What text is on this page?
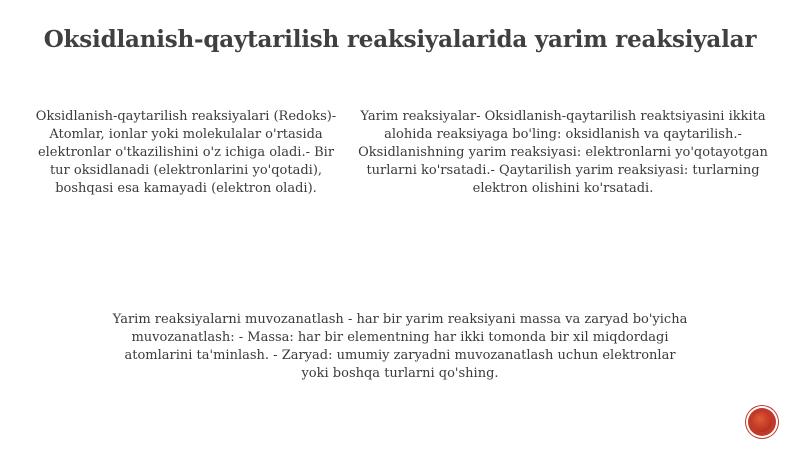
Oksidlanish-qaytarilish reaksiyalarida yarim reaksiyalar
Oksidlanish-qaytarilish reaksiyalari (Redoks)- Atomlar, ionlar yoki molekulalar o'rtasida elektronlar o'tkazilishini o'z ichiga oladi.- Bir tur oksidlanadi (elektronlarini yo'qotadi), boshqasi esa kamayadi (elektron oladi).
Yarim reaksiyalar- Oksidlanish-qaytarilish reaktsiyasini ikkita alohida reaksiyaga bo'ling: oksidlanish va qaytarilish.- Oksidlanishning yarim reaksiyasi: elektronlarni yo'qotayotgan turlarni ko'rsatadi.- Qaytarilish yarim reaksiyasi: turlarning elektron olishini ko'rsatadi.
Yarim reaksiyalarni muvozanatlash - har bir yarim reaksiyani massa va zaryad bo'yicha muvozanatlash: - Massa: har bir elementning har ikki tomonda bir xil miqdordagi atomlarini ta'minlash. - Zaryad: umumiy zaryadni muvozanatlash uchun elektronlar yoki boshqa turlarni qo'shing.
